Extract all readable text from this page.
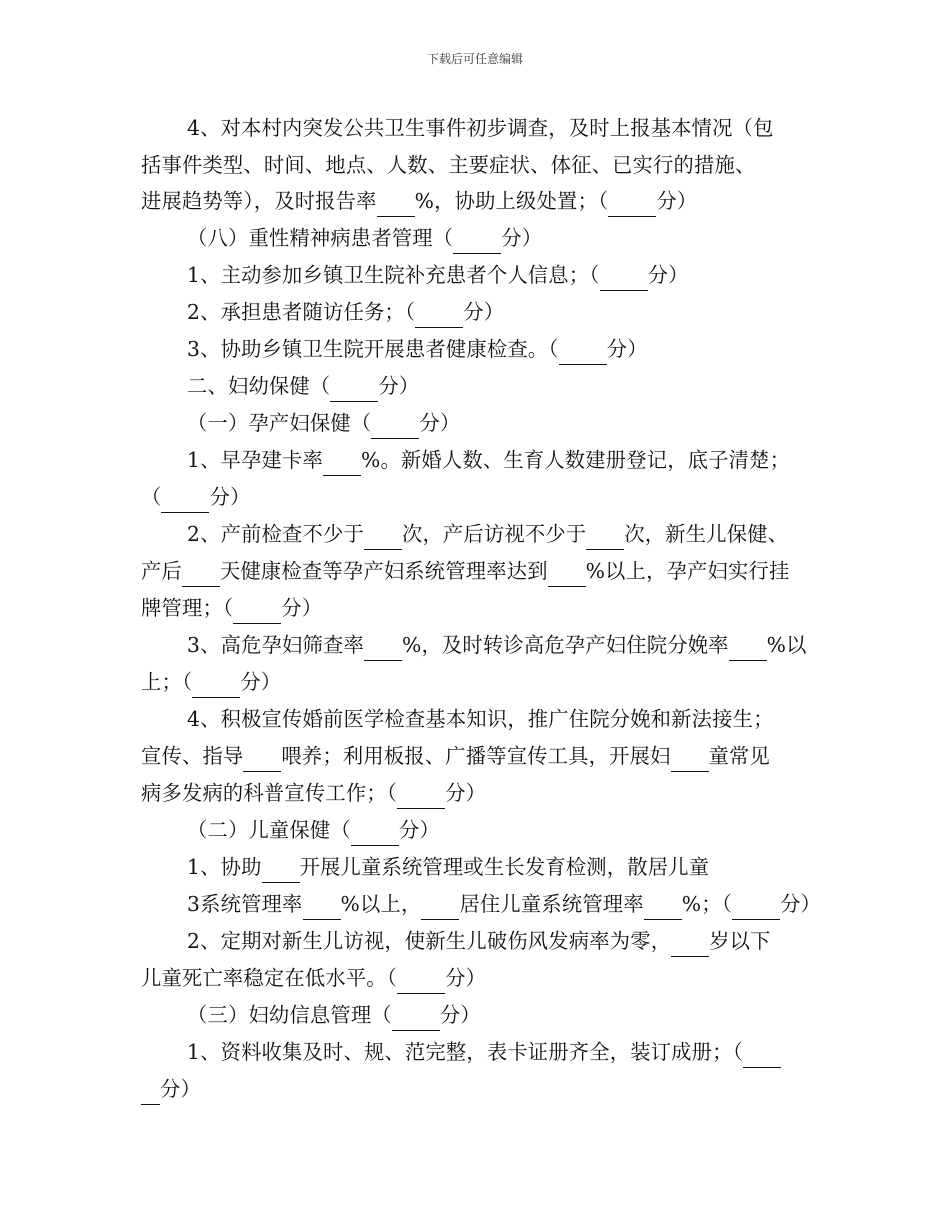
下载后可任意编辑
4、对本村内突发公共卫生事件初步调查，及时上报基本情况（包
括事件类型、时间、地点、人数、主要症状、体征、已实行的措施、
进展趋势等），及时报告率 %，协助上级处置；（ 分）
（八）重性精神病患者管理（ 分）
1、主动参加乡镇卫生院补充患者个人信息；（ 分）
2、承担患者随访任务；（ 分）
3、协助乡镇卫生院开展患者健康检查。（ 分）
二、妇幼保健（ 分）
（一）孕产妇保健（ 分）
1、早孕建卡率 %。新婚人数、生育人数建册登记，底子清楚；
（ 分）
2、产前检查不少于 次，产后访视不少于 次，新生儿保健、
产后 天健康检查等孕产妇系统管理率达到 %以上，孕产妇实行挂
牌管理；（ 分）
3、高危孕妇筛查率 %，及时转诊高危孕产妇住院分娩率 %以
上；（ 分）
4、积极宣传婚前医学检查基本知识，推广住院分娩和新法接生；
宣传、指导 喂养；利用板报、广播等宣传工具，开展妇 童常见
病多发病的科普宣传工作；（ 分）
（二）儿童保健（ 分）
1、协助 开展儿童系统管理或生长发育检测，散居儿童
3系统管理率 %以上， 居住儿童系统管理率 %；（ 分）
2、定期对新生儿访视，使新生儿破伤风发病率为零， 岁以下
儿童死亡率稳定在低水平。（ 分）
（三）妇幼信息管理（ 分）
1、资料收集及时、规、范完整，表卡证册齐全，装订成册；（
分）
